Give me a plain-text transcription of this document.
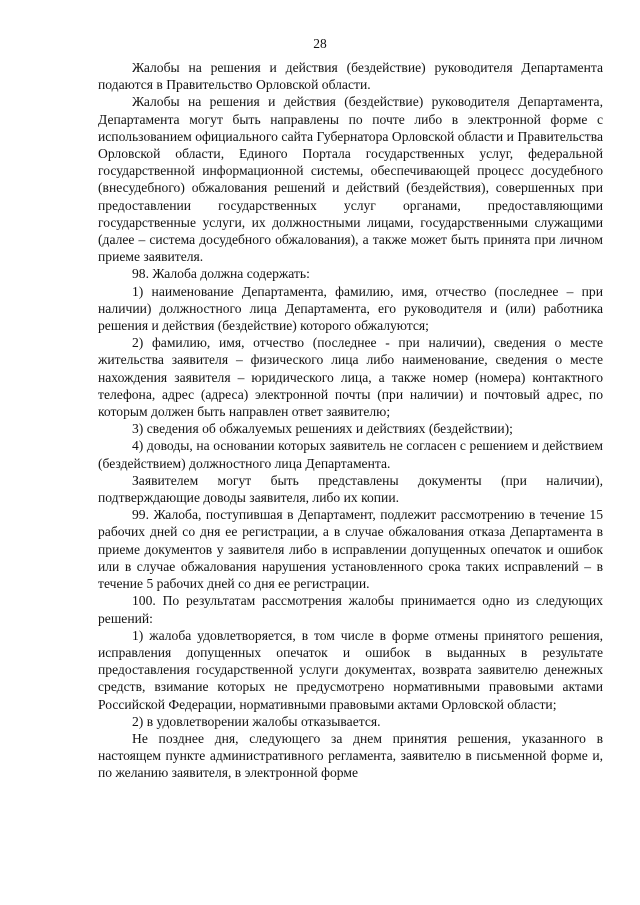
28

Жалобы на решения и действия (бездействие) руководителя Департамента подаются в Правительство Орловской области.

Жалобы на решения и действия (бездействие) руководителя Департамента, Департамента могут быть направлены по почте либо в электронной форме с использованием официального сайта Губернатора Орловской области и Правительства Орловской области, Единого Портала государственных услуг, федеральной государственной информационной системы, обеспечивающей процесс досудебного (внесудебного) обжалования решений и действий (бездействия), совершенных при предоставлении государственных услуг органами, предоставляющими государственные услуги, их должностными лицами, государственными служащими (далее – система досудебного обжалования), а также может быть принята при личном приеме заявителя.

98. Жалоба должна содержать:

1) наименование Департамента, фамилию, имя, отчество (последнее – при наличии) должностного лица Департамента, его руководителя и (или) работника решения и действия (бездействие) которого обжалуются;

2) фамилию, имя, отчество (последнее - при наличии), сведения о месте жительства заявителя – физического лица либо наименование, сведения о месте нахождения заявителя – юридического лица, а также номер (номера) контактного телефона, адрес (адреса) электронной почты (при наличии) и почтовый адрес, по которым должен быть направлен ответ заявителю;

3) сведения об обжалуемых решениях и действиях (бездействии);

4) доводы, на основании которых заявитель не согласен с решением и действием (бездействием) должностного лица Департамента.

Заявителем могут быть представлены документы (при наличии), подтверждающие доводы заявителя, либо их копии.

99. Жалоба, поступившая в Департамент, подлежит рассмотрению в течение 15 рабочих дней со дня ее регистрации, а в случае обжалования отказа Департамента в приеме документов у заявителя либо в исправлении допущенных опечаток и ошибок или в случае обжалования нарушения установленного срока таких исправлений – в течение 5 рабочих дней со дня ее регистрации.

100. По результатам рассмотрения жалобы принимается одно из следующих решений:

1) жалоба удовлетворяется, в том числе в форме отмены принятого решения, исправления допущенных опечаток и ошибок в выданных в результате предоставления государственной услуги документах, возврата заявителю денежных средств, взимание которых не предусмотрено нормативными правовыми актами Российской Федерации, нормативными правовыми актами Орловской области;

2) в удовлетворении жалобы отказывается.

Не позднее дня, следующего за днем принятия решения, указанного в настоящем пункте административного регламента, заявителю в письменной форме и, по желанию заявителя, в электронной форме
